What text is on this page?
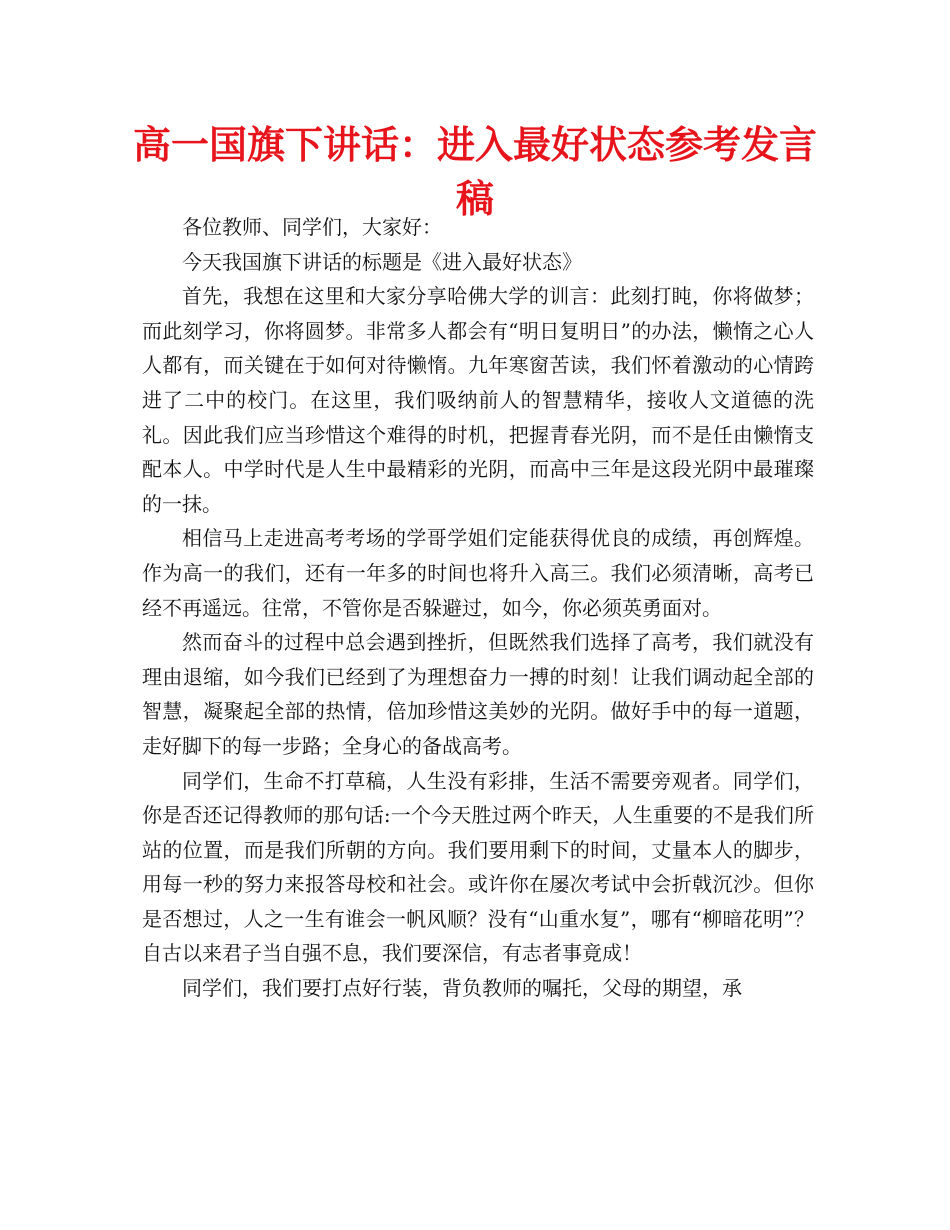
高一国旗下讲话：进入最好状态参考发言稿

各位教师、同学们，大家好：

今天我国旗下讲话的标题是《进入最好状态》

首先，我想在这里和大家分享哈佛大学的训言：此刻打盹，你将做梦；而此刻学习，你将圆梦。非常多人都会有“明日复明日”的办法，懒惰之心人人都有，而关键在于如何对待懒惰。九年寒窗苦读，我们怀着激动的心情跨进了二中的校门。在这里，我们吸纳前人的智慧精华，接收人文道德的洗礼。因此我们应当珍惜这个难得的时机，把握青春光阴，而不是任由懒惰支配本人。中学时代是人生中最精彩的光阴，而高中三年是这段光阴中最璀璨的一抹。

相信马上走进高考考场的学哥学姐们定能获得优良的成绩，再创辉煌。作为高一的我们，还有一年多的时间也将升入高三。我们必须清晰，高考已经不再遥远。往常，不管你是否躲避过，如今，你必须英勇面对。

然而奋斗的过程中总会遇到挫折，但既然我们选择了高考，我们就没有理由退缩，如今我们已经到了为理想奋力一搏的时刻！让我们调动起全部的智慧，凝聚起全部的热情，倍加珍惜这美妙的光阴。做好手中的每一道题，走好脚下的每一步路；全身心的备战高考。

同学们，生命不打草稿，人生没有彩排，生活不需要旁观者。同学们，你是否还记得教师的那句话:一个今天胜过两个昨天，人生重要的不是我们所站的位置，而是我们所朝的方向。我们要用剩下的时间，丈量本人的脚步，用每一秒的努力来报答母校和社会。或许你在屡次考试中会折戟沉沙。但你是否想过，人之一生有谁会一帆风顺？没有“山重水复”，哪有“柳暗花明”？自古以来君子当自强不息，我们要深信，有志者事竟成！

同学们，我们要打点好行装，背负教师的嘱托，父母的期望，承
